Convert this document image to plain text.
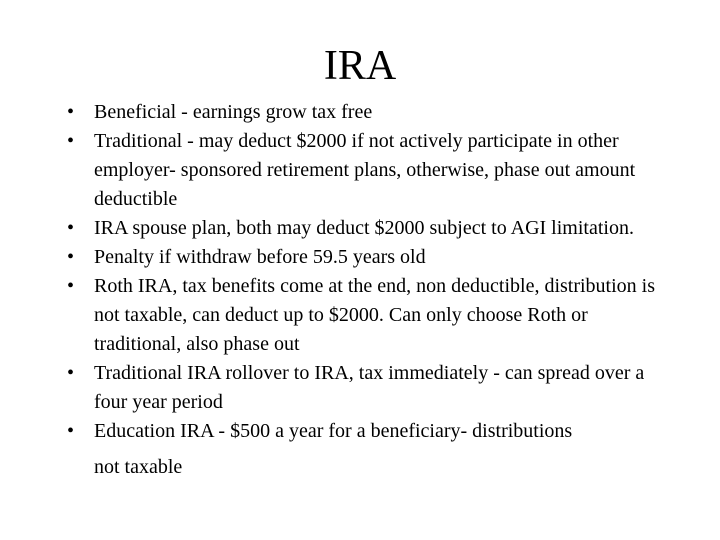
IRA
• Beneficial - earnings grow tax free
• Traditional - may deduct $2000 if not actively participate in other employer- sponsored retirement plans, otherwise, phase out amount deductible
• IRA spouse plan, both may deduct $2000 subject to AGI limitation.
• Penalty if withdraw before 59.5 years old
• Roth IRA, tax benefits come at the end, non deductible, distribution is not taxable, can deduct up to $2000. Can only choose Roth or traditional, also phase out
• Traditional IRA rollover to IRA, tax immediately - can spread over a four year period
• Education IRA - $500 a year for a beneficiary- distributions
not taxable
